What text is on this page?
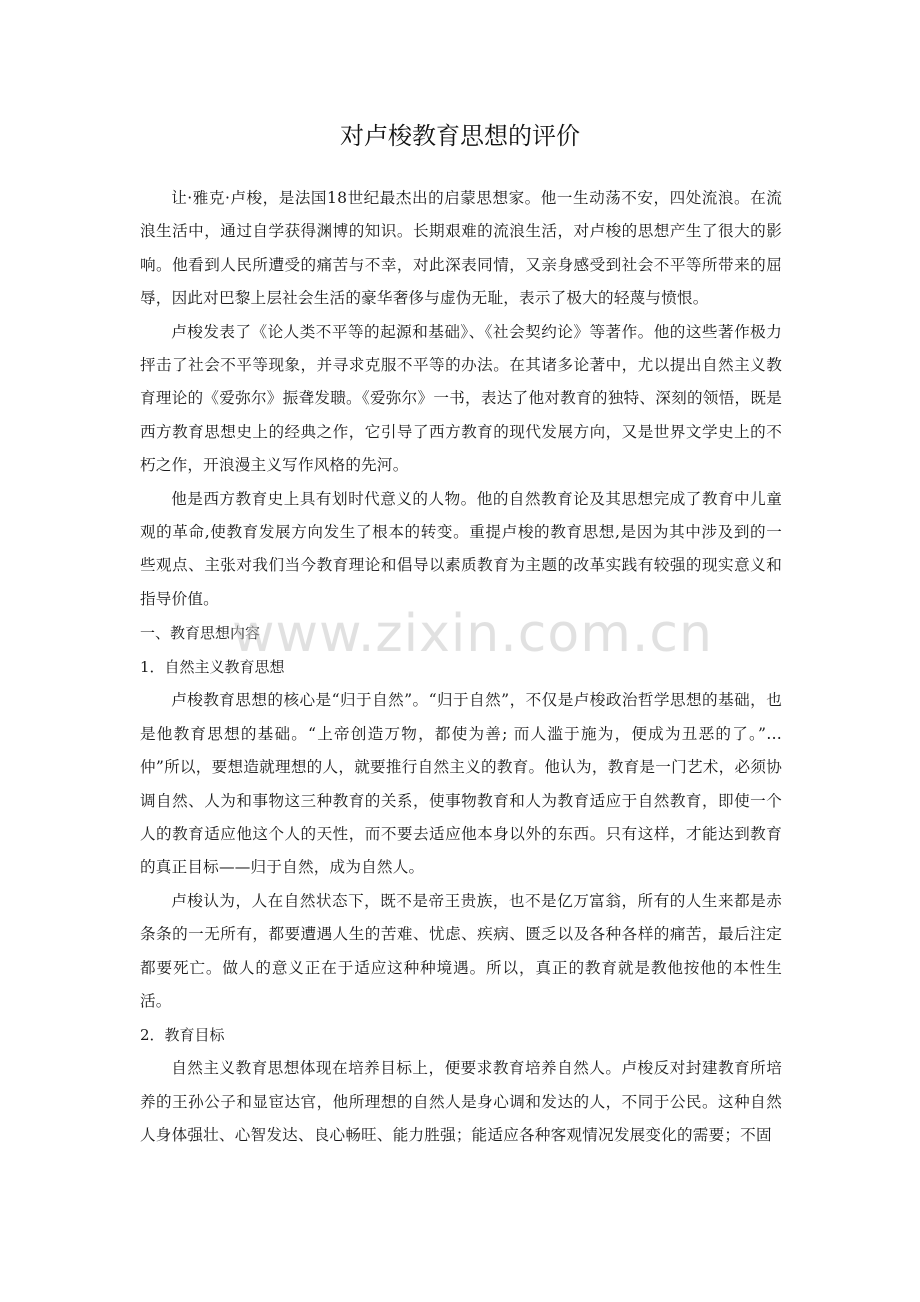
对卢梭教育思想的评价

让·雅克·卢梭，是法国18世纪最杰出的启蒙思想家。他一生动荡不安，四处流浪。在流浪生活中，通过自学获得渊博的知识。长期艰难的流浪生活，对卢梭的思想产生了很大的影响。他看到人民所遭受的痛苦与不幸，对此深表同情，又亲身感受到社会不平等所带来的屈辱，因此对巴黎上层社会生活的豪华奢侈与虚伪无耻，表示了极大的轻蔑与愤恨。

卢梭发表了《论人类不平等的起源和基础》、《社会契约论》等著作。他的这些著作极力抨击了社会不平等现象，并寻求克服不平等的办法。在其诸多论著中，尤以提出自然主义教育理论的《爱弥尔》振聋发聩。《爱弥尔》一书，表达了他对教育的独特、深刻的领悟，既是西方教育思想史上的经典之作，它引导了西方教育的现代发展方向，又是世界文学史上的不朽之作，开浪漫主义写作风格的先河。

他是西方教育史上具有划时代意义的人物。他的自然教育论及其思想完成了教育中儿童观的革命,使教育发展方向发生了根本的转变。重提卢梭的教育思想,是因为其中涉及到的一些观点、主张对我们当今教育理论和倡导以素质教育为主题的改革实践有较强的现实意义和指导价值。

一、教育思想内容

1．自然主义教育思想

卢梭教育思想的核心是“归于自然”。“归于自然”，不仅是卢梭政治哲学思想的基础，也是他教育思想的基础。“上帝创造万物，都使为善; 而人滥于施为，便成为丑恶的了。”…仲”所以，要想造就理想的人，就要推行自然主义的教育。他认为，教育是一门艺术，必须协调自然、人为和事物这三种教育的关系，使事物教育和人为教育适应于自然教育，即使一个人的教育适应他这个人的天性，而不要去适应他本身以外的东西。只有这样，才能达到教育的真正目标——归于自然，成为自然人。

卢梭认为，人在自然状态下，既不是帝王贵族，也不是亿万富翁，所有的人生来都是赤条条的一无所有，都要遭遇人生的苦难、忧虑、疾病、匮乏以及各种各样的痛苦，最后注定都要死亡。做人的意义正在于适应这种种境遇。所以，真正的教育就是教他按他的本性生活。

2．教育目标

自然主义教育思想体现在培养目标上，便要求教育培养自然人。卢梭反对封建教育所培养的王孙公子和显宦达官，他所理想的自然人是身心调和发达的人，不同于公民。这种自然人身体强壮、心智发达、良心畅旺、能力胜强；能适应各种客观情况发展变化的需要；不固

www.zixin.com.cn
